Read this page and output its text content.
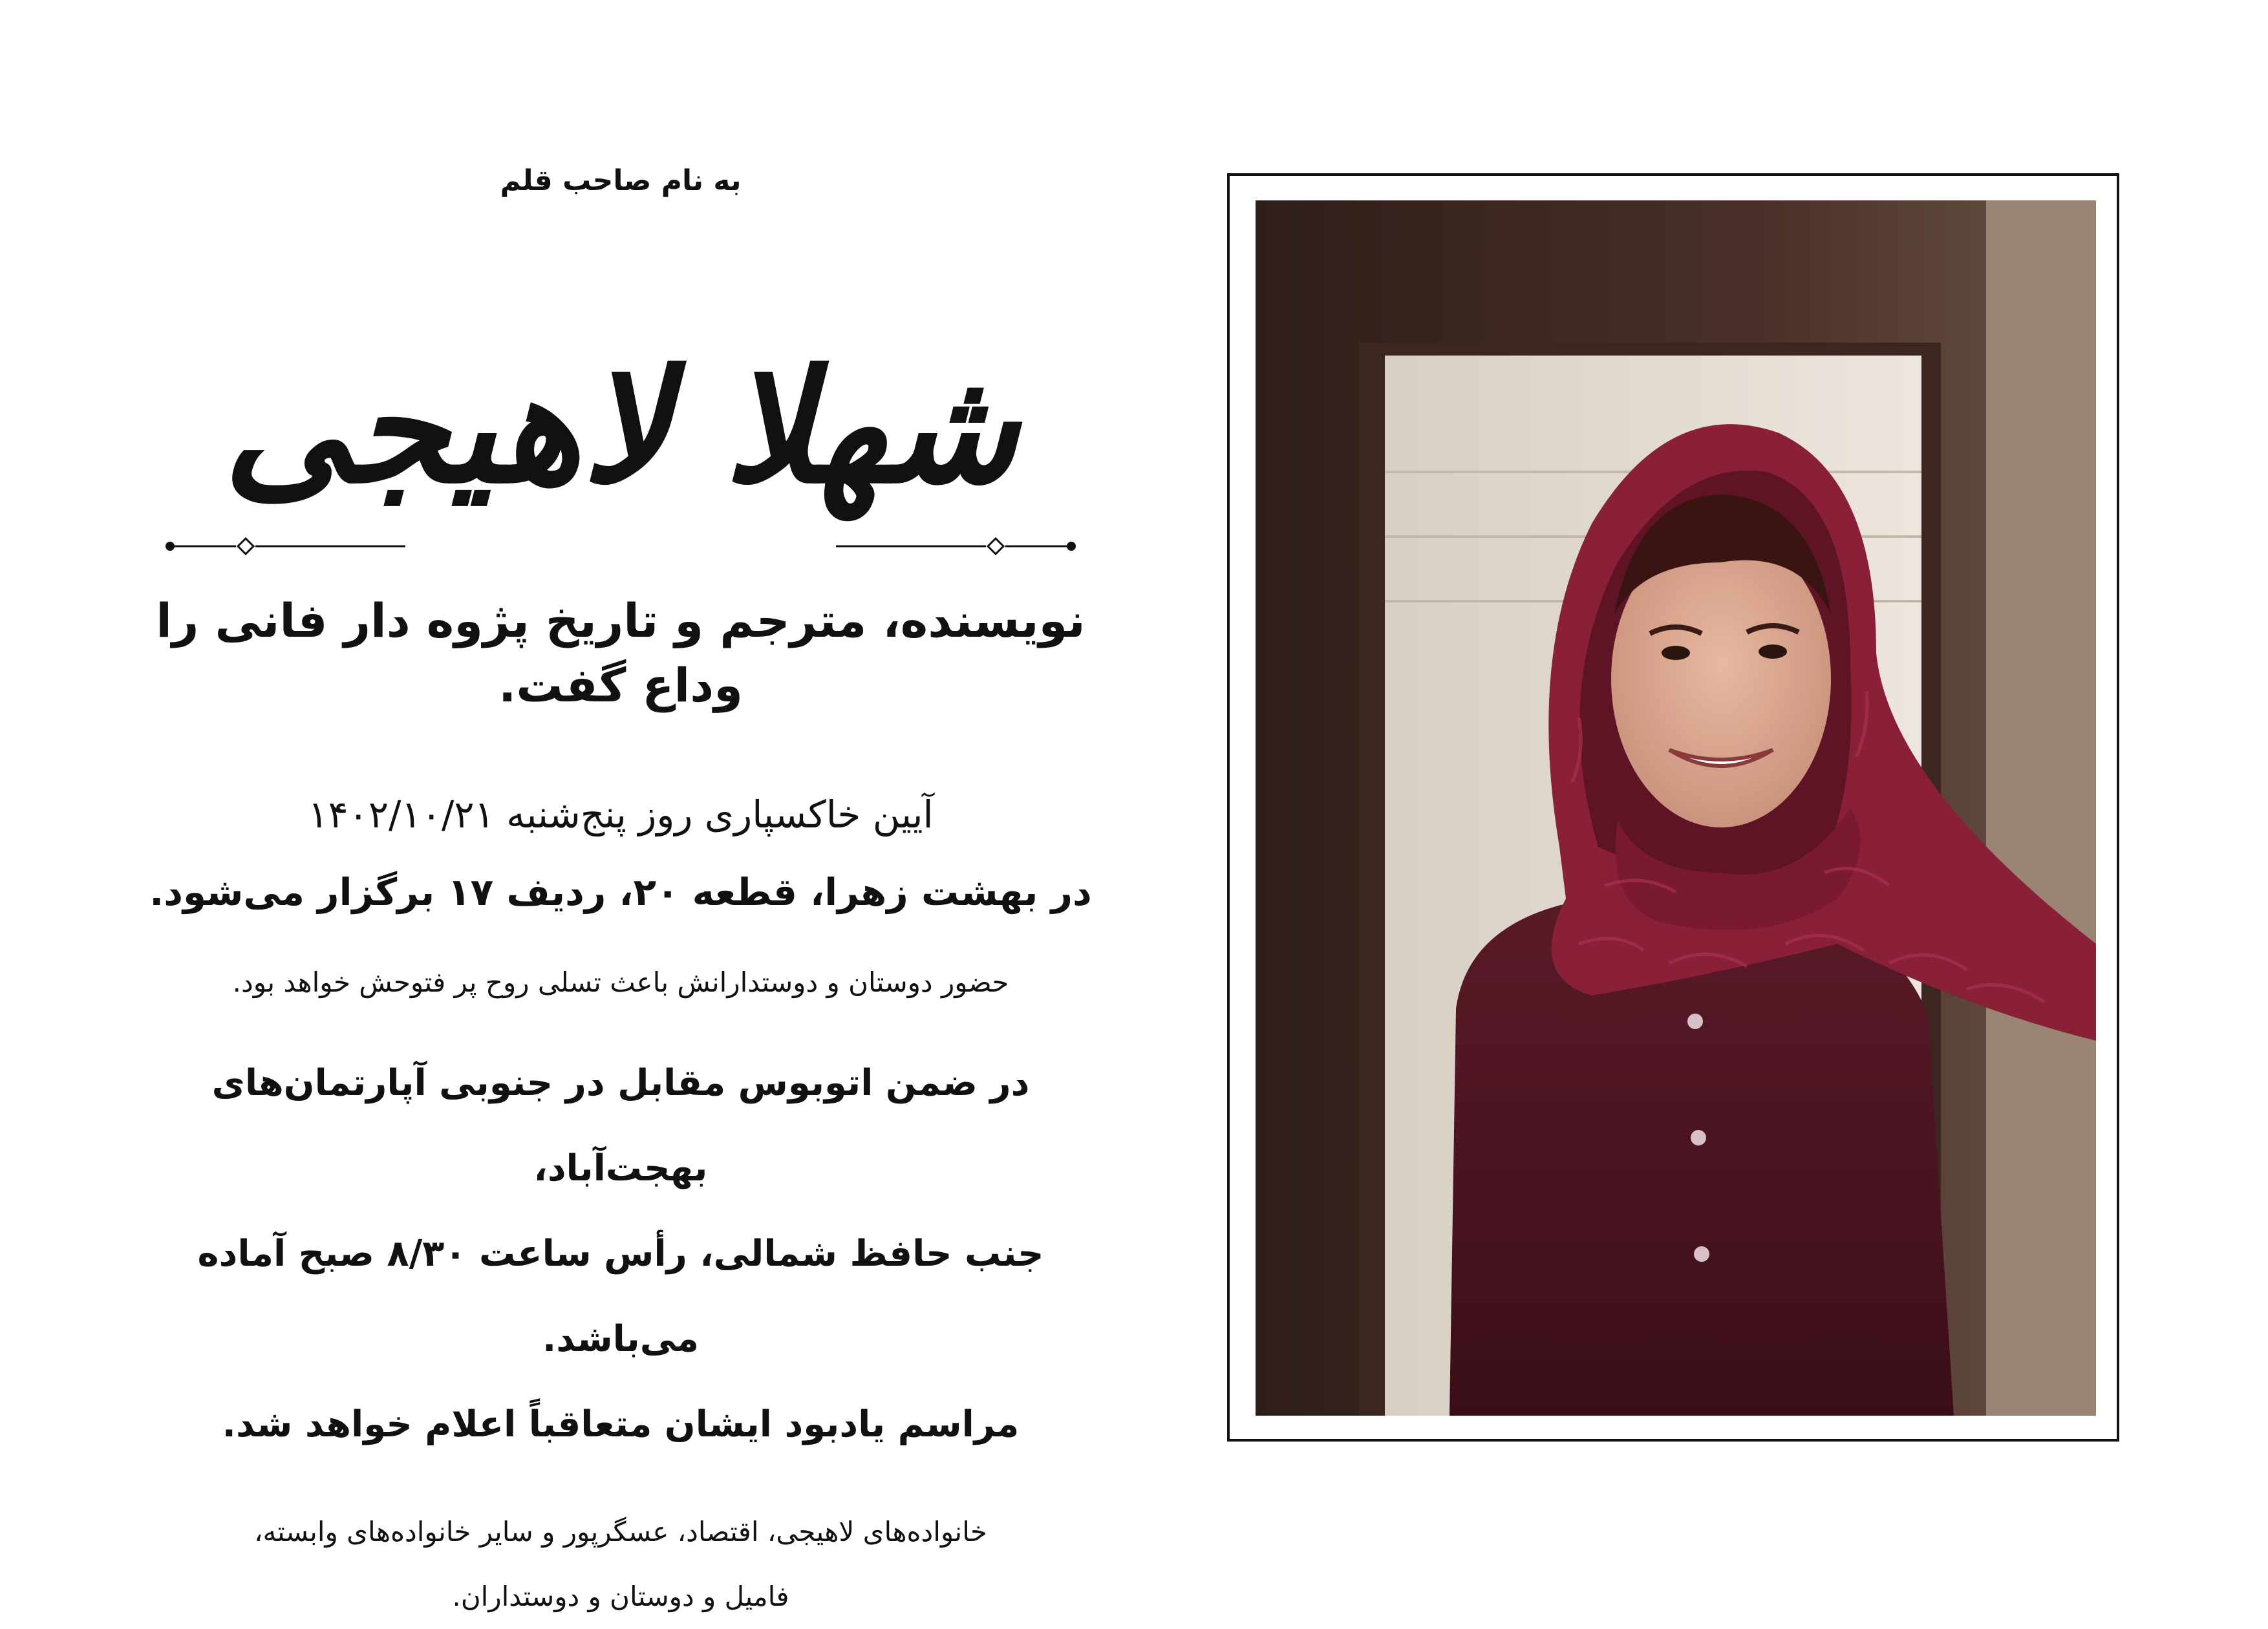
به نام صاحب قلم

شهلا لاهیجی

نویسنده، مترجم و تاریخ پژوه دار فانی را وداع گفت.

آیین خاکسپاری روز پنج‌شنبه ۱۴۰۲/۱۰/۲۱

در بهشت زهرا، قطعه ۲۰، ردیف ۱۷ برگزار می‌شود.

حضور دوستان و دوستدارانش باعث تسلی روح پر فتوحش خواهد بود.

در ضمن اتوبوس مقابل در جنوبی آپارتمان‌های بهجت‌آباد،

جنب حافظ شمالی، رأس ساعت ۸/۳۰ صبح آماده می‌باشد.

مراسم یادبود ایشان متعاقباً اعلام خواهد شد.

خانواده‌های لاهیجی، اقتصاد، عسگرپور و سایر خانواده‌های وابسته،

فامیل و دوستان و دوستداران.
